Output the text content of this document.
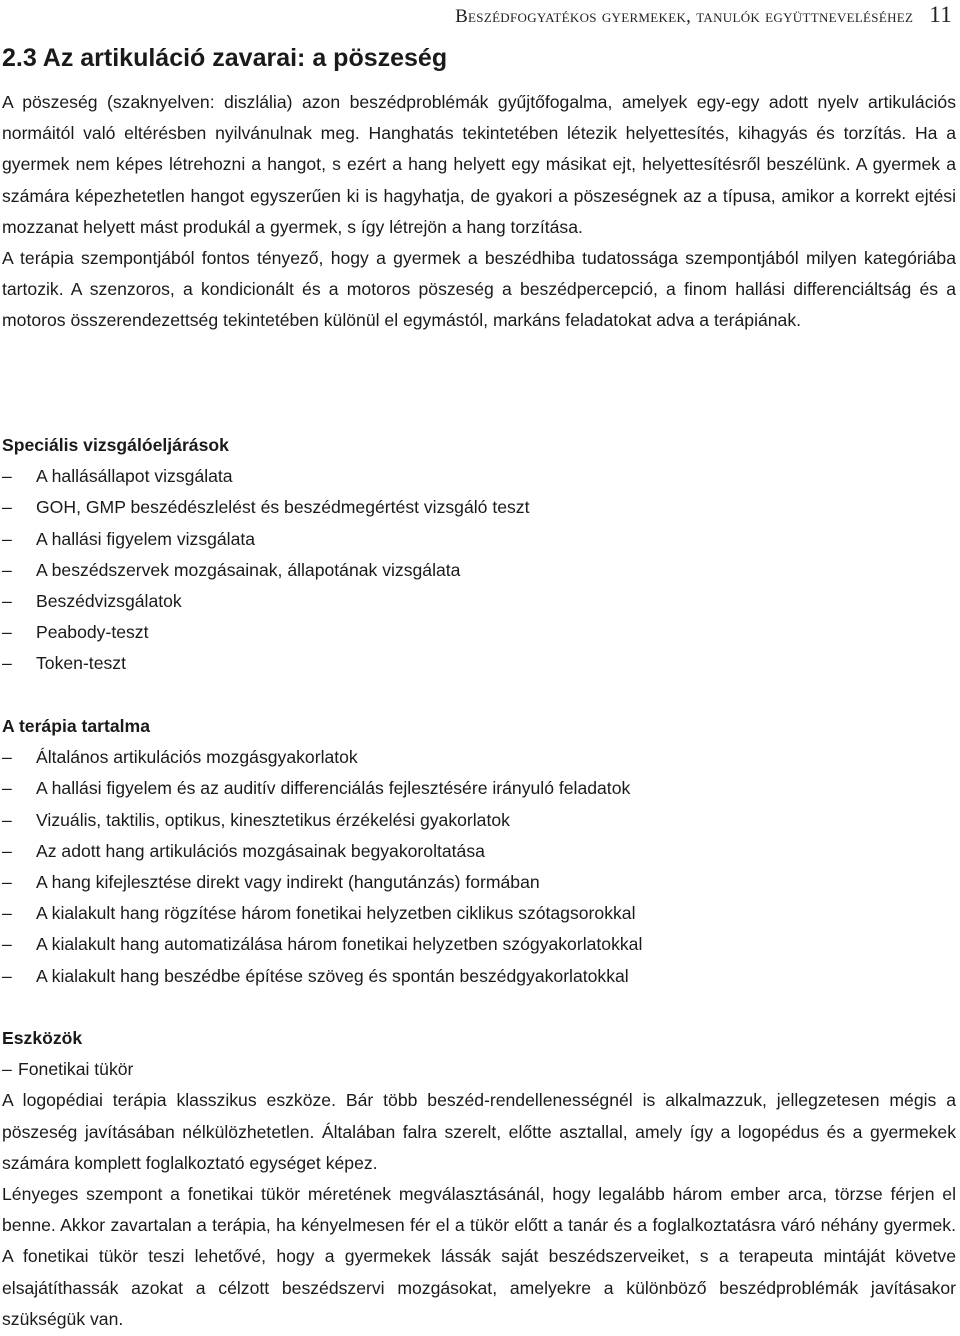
Beszédfogyatékos gyermekek, tanulók együttneveléséhez 11
2.3 Az artikuláció zavarai: a pöszeség

A pöszeség (szaknyelven: diszlália) azon beszédproblémák gyűjtőfogalma, amelyek egy-egy adott nyelv artikulációs normáitól való eltérésben nyilvánulnak meg. Hanghatás tekintetében létezik helyettesítés, kihagyás és torzítás. Ha a gyermek nem képes létrehozni a hangot, s ezért a hang helyett egy másikat ejt, helyettesítésről beszélünk. A gyermek a számára képezhetetlen hangot egyszerűen ki is hagyhatja, de gyakori a pöszeségnek az a típusa, amikor a korrekt ejtési mozzanat helyett mást produkál a gyermek, s így létrejön a hang torzítása.

A terápia szempontjából fontos tényező, hogy a gyermek a beszédhiba tudatossága szempontjából milyen kategóriába tartozik. A szenzoros, a kondicionált és a motoros pöszeség a beszédpercepció, a finom hallási differenciáltság és a motoros összerendezettség tekintetében különül el egymástól, markáns feladatokat adva a terápiának.

Speciális vizsgálóeljárások
– A hallásállapot vizsgálata
– GOH, GMP beszédészlelést és beszédmegértést vizsgáló teszt
– A hallási figyelem vizsgálata
– A beszédszervek mozgásainak, állapotának vizsgálata
– Beszédvizsgálatok
– Peabody-teszt
– Token-teszt
A terápia tartalma
– Általános artikulációs mozgásgyakorlatok
– A hallási figyelem és az auditív differenciálás fejlesztésére irányuló feladatok
– Vizuális, taktilis, optikus, kinesztetikus érzékelési gyakorlatok
– Az adott hang artikulációs mozgásainak begyakoroltatása
– A hang kifejlesztése direkt vagy indirekt (hangutánzás) formában
– A kialakult hang rögzítése három fonetikai helyzetben ciklikus szótagsorokkal
– A kialakult hang automatizálása három fonetikai helyzetben szógyakorlatokkal
– A kialakult hang beszédbe építése szöveg és spontán beszédgyakorlatokkal
Eszközök
– Fonetikai tükör

A logopédiai terápia klasszikus eszköze. Bár több beszéd-rendellenességnél is alkalmazzuk, jellegzetesen mégis a pöszeség javításában nélkülözhetetlen. Általában falra szerelt, előtte asztallal, amely így a logopédus és a gyermekek számára komplett foglalkoztató egységet képez.

Lényeges szempont a fonetikai tükör méretének megválasztásánál, hogy legalább három ember arca, törzse férjen el benne. Akkor zavartalan a terápia, ha kényelmesen fér el a tükör előtt a tanár és a foglalkoztatásra váró néhány gyermek. A fonetikai tükör teszi lehetővé, hogy a gyermekek lássák saját beszédszerveiket, s a terapeuta mintáját követve elsajátíthassák azokat a célzott beszédszervi mozgásokat, amelyekre a különböző beszédproblémák javításakor szükségük van.
